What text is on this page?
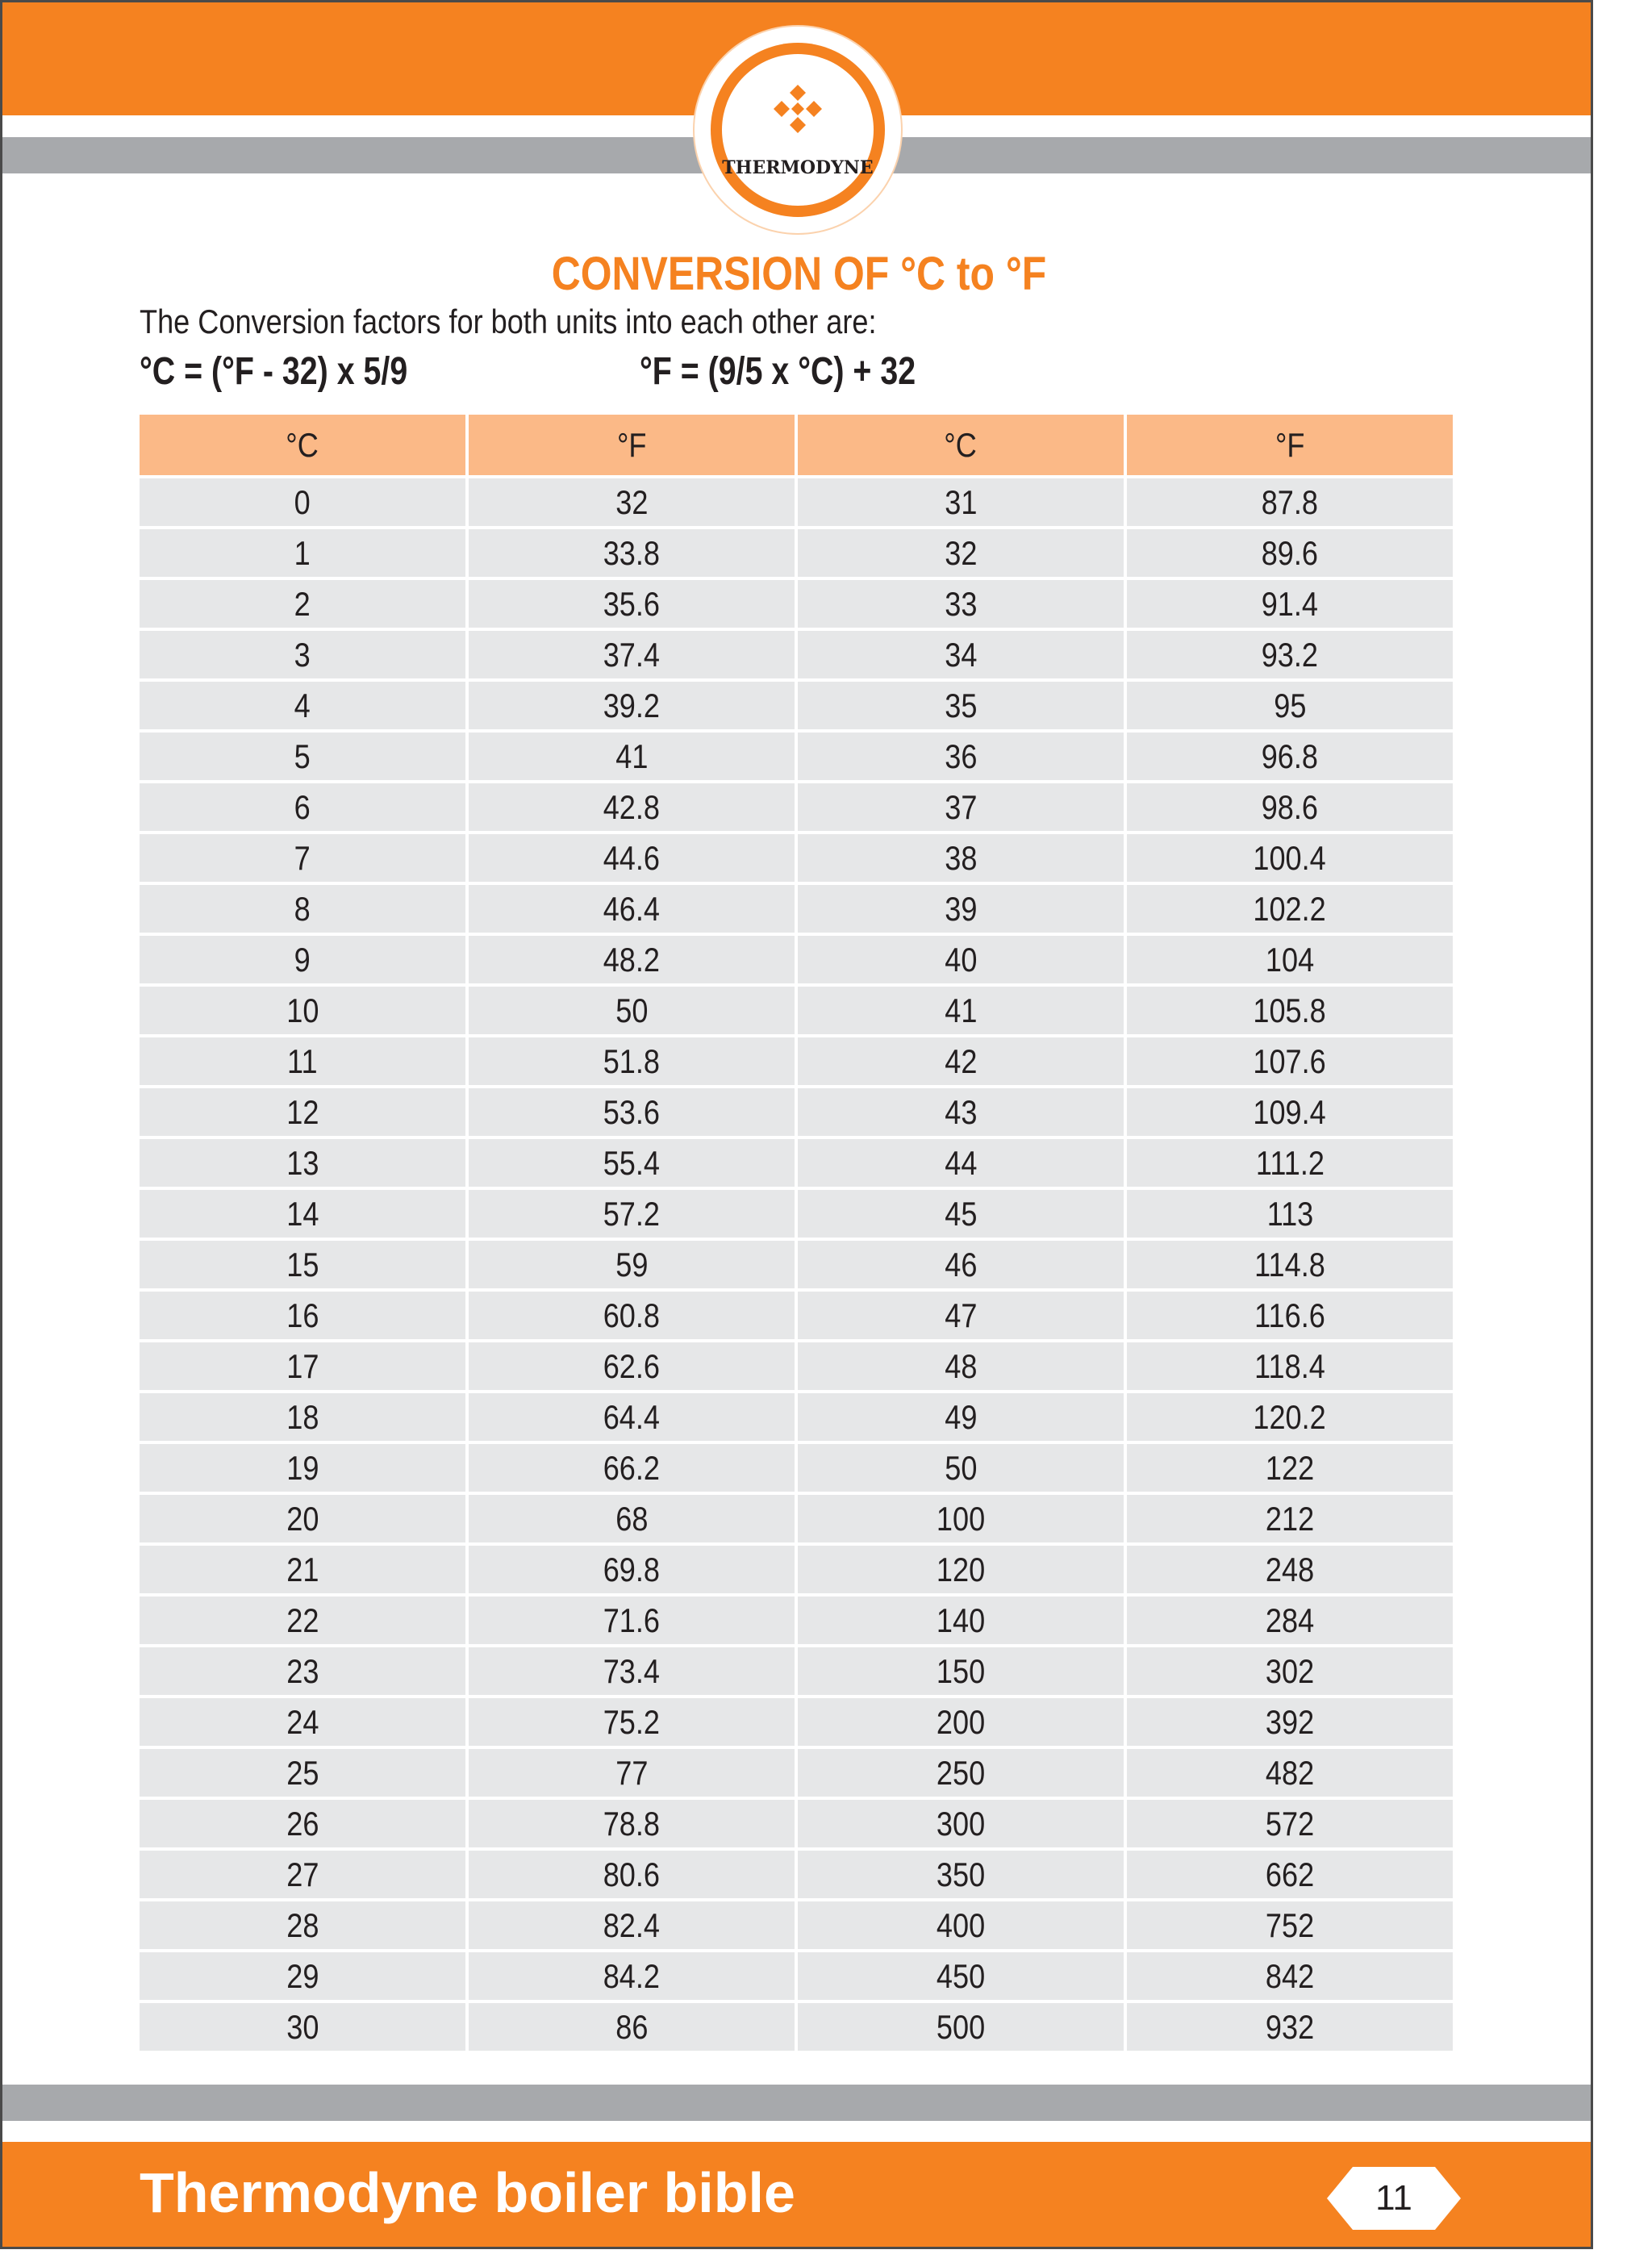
THERMODYNE
CONVERSION OF °C to °F
The Conversion factors for both units into each other are:
°C = (°F - 32) x 5/9	°F = (9/5 x °C) + 32
°C	°F	°C	°F
0	32	31	87.8
1	33.8	32	89.6
2	35.6	33	91.4
3	37.4	34	93.2
4	39.2	35	95
5	41	36	96.8
6	42.8	37	98.6
7	44.6	38	100.4
8	46.4	39	102.2
9	48.2	40	104
10	50	41	105.8
11	51.8	42	107.6
12	53.6	43	109.4
13	55.4	44	111.2
14	57.2	45	113
15	59	46	114.8
16	60.8	47	116.6
17	62.6	48	118.4
18	64.4	49	120.2
19	66.2	50	122
20	68	100	212
21	69.8	120	248
22	71.6	140	284
23	73.4	150	302
24	75.2	200	392
25	77	250	482
26	78.8	300	572
27	80.6	350	662
28	82.4	400	752
29	84.2	450	842
30	86	500	932
Thermodyne boiler bible	11
